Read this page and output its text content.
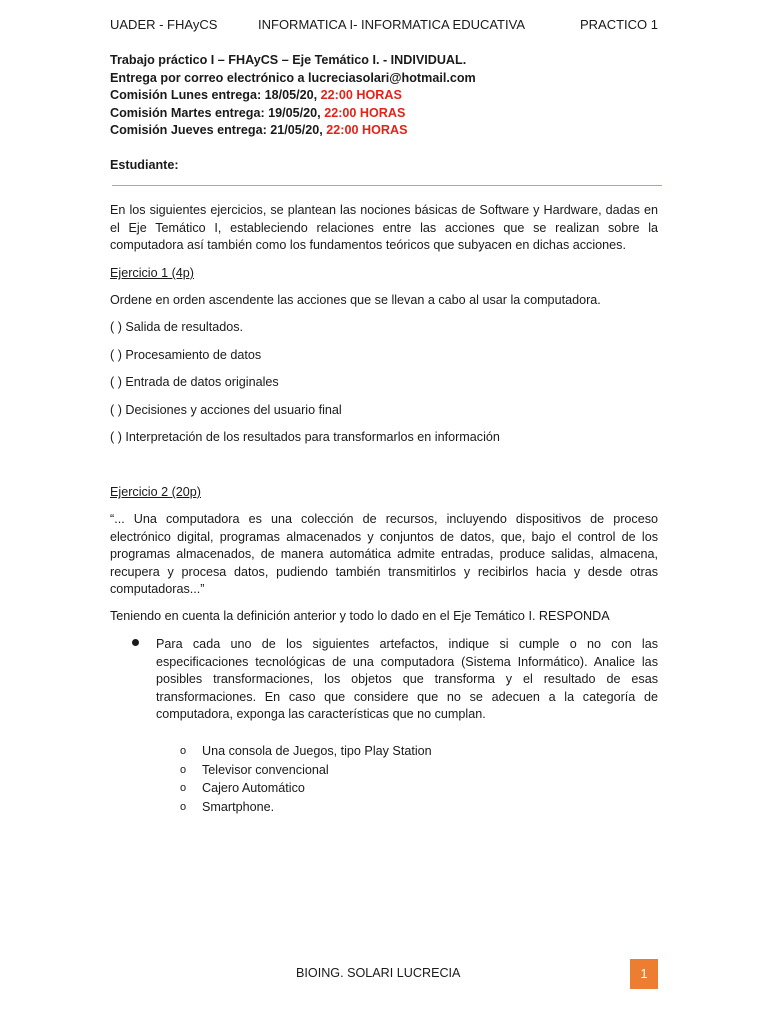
UADER - FHAyCS	INFORMATICA I- INFORMATICA EDUCATIVA	PRACTICO 1
Trabajo práctico I – FHAyCS – Eje Temático I. - INDIVIDUAL.
Entrega por correo electrónico a lucreciasolari@hotmail.com
Comisión Lunes entrega: 18/05/20, 22:00 HORAS
Comisión Martes entrega: 19/05/20, 22:00 HORAS
Comisión Jueves entrega: 21/05/20, 22:00 HORAS
Estudiante:
En los siguientes ejercicios, se plantean las nociones básicas de Software y Hardware, dadas en el Eje Temático I, estableciendo relaciones entre las acciones que se realizan sobre la computadora así también como los fundamentos teóricos que subyacen en dichas acciones.
Ejercicio 1 (4p)
Ordene en orden ascendente las acciones que se llevan a cabo al usar la computadora.
( ) Salida de resultados.
( ) Procesamiento de datos
( ) Entrada de datos originales
( ) Decisiones y acciones del usuario final
( ) Interpretación de los resultados para transformarlos en información
Ejercicio 2 (20p)
“... Una computadora es una colección de recursos, incluyendo dispositivos de proceso electrónico digital, programas almacenados y conjuntos de datos, que, bajo el control de los programas almacenados, de manera automática admite entradas, produce salidas, almacena, recupera y procesa datos, pudiendo también transmitirlos y recibirlos hacia y desde otras computadoras...”
Teniendo en cuenta la definición anterior y todo lo dado en el Eje Temático I. RESPONDA
Para cada uno de los siguientes artefactos, indique si cumple o no con las especificaciones tecnológicas de una computadora (Sistema Informático). Analice las posibles transformaciones, los objetos que transforma y el resultado de esas transformaciones. En caso que considere que no se adecuen a la categoría de computadora, exponga las características que no cumplan.
o Una consola de Juegos, tipo Play Station
o Televisor convencional
o Cajero Automático
o Smartphone.
BIOING. SOLARI LUCRECIA	1
